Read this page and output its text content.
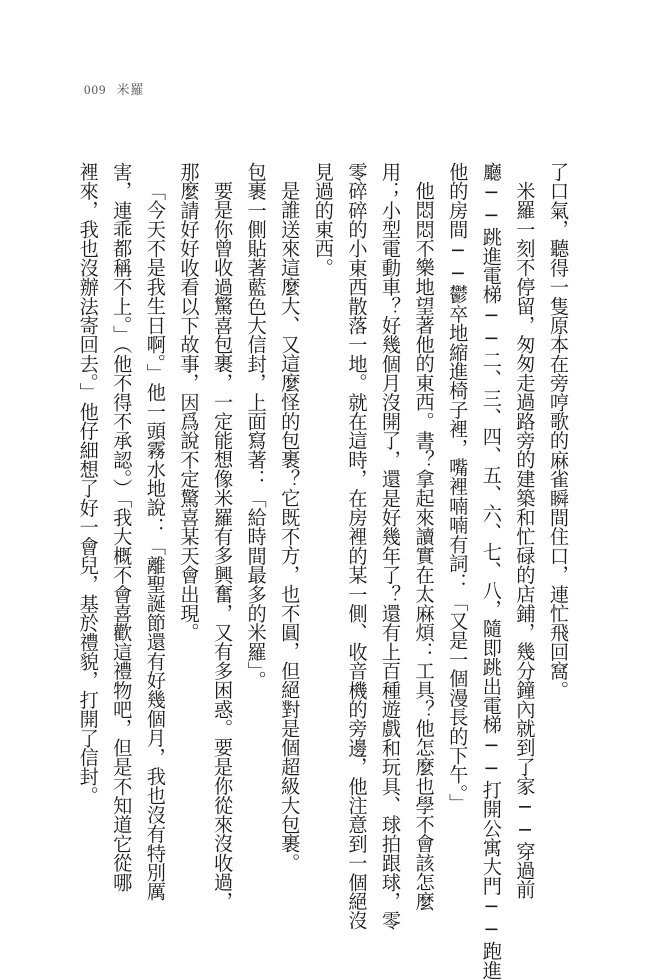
009 米羅

了口氣，聽得一隻原本在旁哼歌的麻雀瞬間住口，連忙飛回窩。

米羅一刻不停留，匆匆走過路旁的建築和忙碌的店鋪，幾分鐘內就到了家──穿過前

廳──跳進電梯──二、三、四、五、六、七、八，隨即跳出電梯──打開公寓大門──跑進

他的房間──鬱卒地縮進椅子裡，嘴裡喃喃有詞：「又是一個漫長的下午。」

他悶悶不樂地望著他的東西。書？拿起來讀實在太麻煩：工具？他怎麼也學不會該怎麼

用；小型電動車？好幾個月沒開了，還是好幾年了？還有上百種遊戲和玩具、球拍跟球，零

零碎碎的小東西散落一地。就在這時，在房裡的某一側、收音機的旁邊，他注意到一個絕沒

見過的東西。

是誰送來這麼大、又這麼怪的包裹？它既不方，也不圓，但絕對是個超級大包裹。

包裹一側貼著藍色大信封，上面寫著：「給時間最多的米羅」。

要是你曾收過驚喜包裹，一定能想像米羅有多興奮，又有多困惑。要是你從來沒收過，

那麼請好好收看以下故事，因爲說不定驚喜某天會出現。

「今天不是我生日啊。」他一頭霧水地說：「離聖誕節還有好幾個月，我也沒有特別厲

害，連乖都稱不上。」（他不得不承認。）「我大概不會喜歡這禮物吧，但是不知道它從哪

裡來，我也沒辦法寄回去。」他仔細想了好一會兒，基於禮貌，打開了信封。
